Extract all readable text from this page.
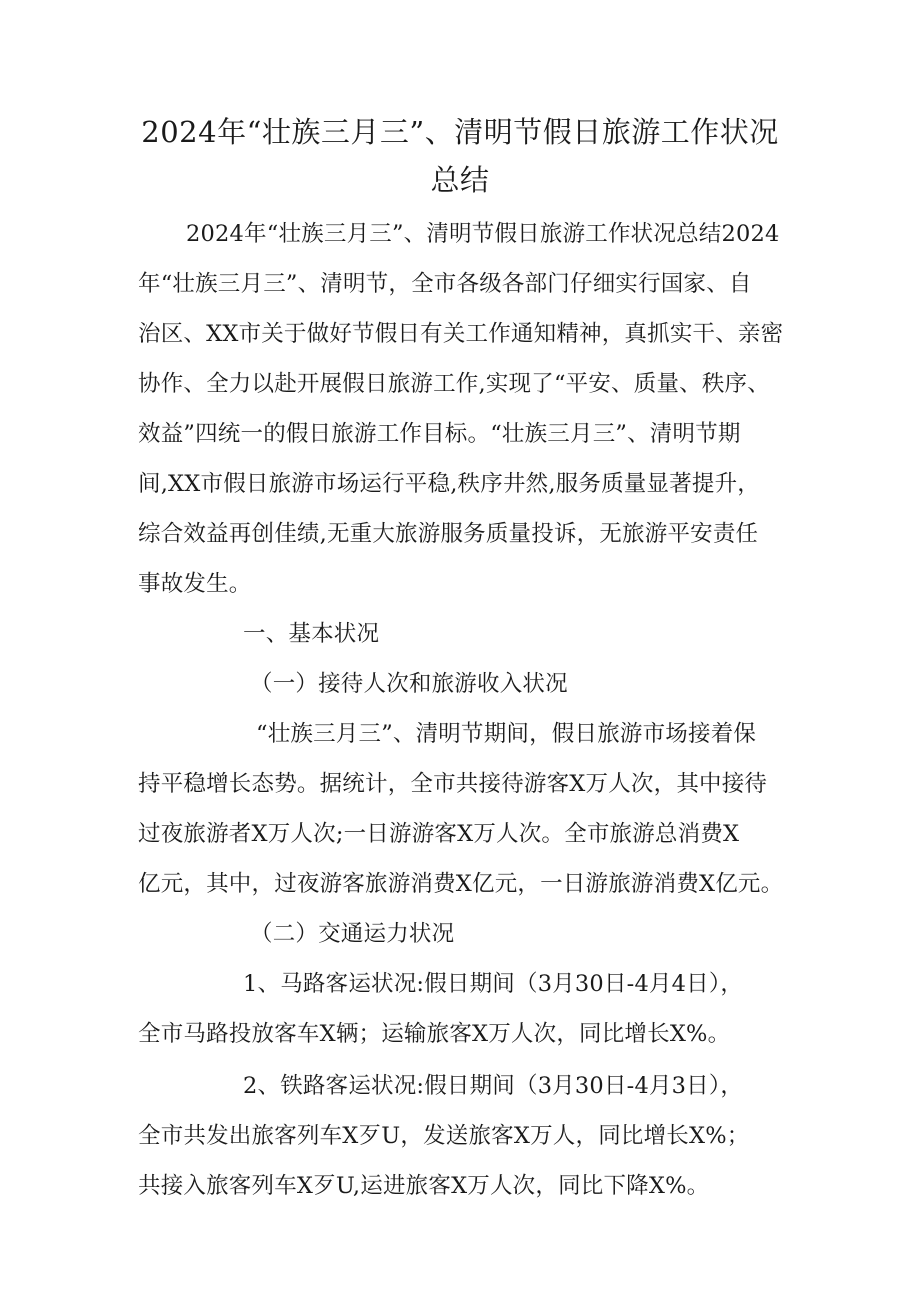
2024年“壮族三月三”、清明节假日旅游工作状况
总结

2024年“壮族三月三”、清明节假日旅游工作状况总结2024

年“壮族三月三”、清明节，全市各级各部门仔细实行国家、自

治区、XX市关于做好节假日有关工作通知精神，真抓实干、亲密

协作、全力以赴开展假日旅游工作,实现了“平安、质量、秩序、

效益”四统一的假日旅游工作目标。“壮族三月三”、清明节期

间,XX市假日旅游市场运行平稳,秩序井然,服务质量显著提升，

综合效益再创佳绩,无重大旅游服务质量投诉，无旅游平安责任

事故发生。

一、基本状况

（一）接待人次和旅游收入状况

“壮族三月三”、清明节期间，假日旅游市场接着保

持平稳增长态势。据统计，全市共接待游客X万人次，其中接待

过夜旅游者X万人次;一日游游客X万人次。全市旅游总消费X

亿元，其中，过夜游客旅游消费X亿元，一日游旅游消费X亿元。

（二）交通运力状况

1、马路客运状况:假日期间（3月30日-4月4日），

全市马路投放客车X辆；运输旅客X万人次，同比增长X%。

2、铁路客运状况:假日期间（3月30日-4月3日），

全市共发出旅客列车X歹U，发送旅客X万人，同比增长X%；

共接入旅客列车X歹U,运进旅客X万人次，同比下降X%。
